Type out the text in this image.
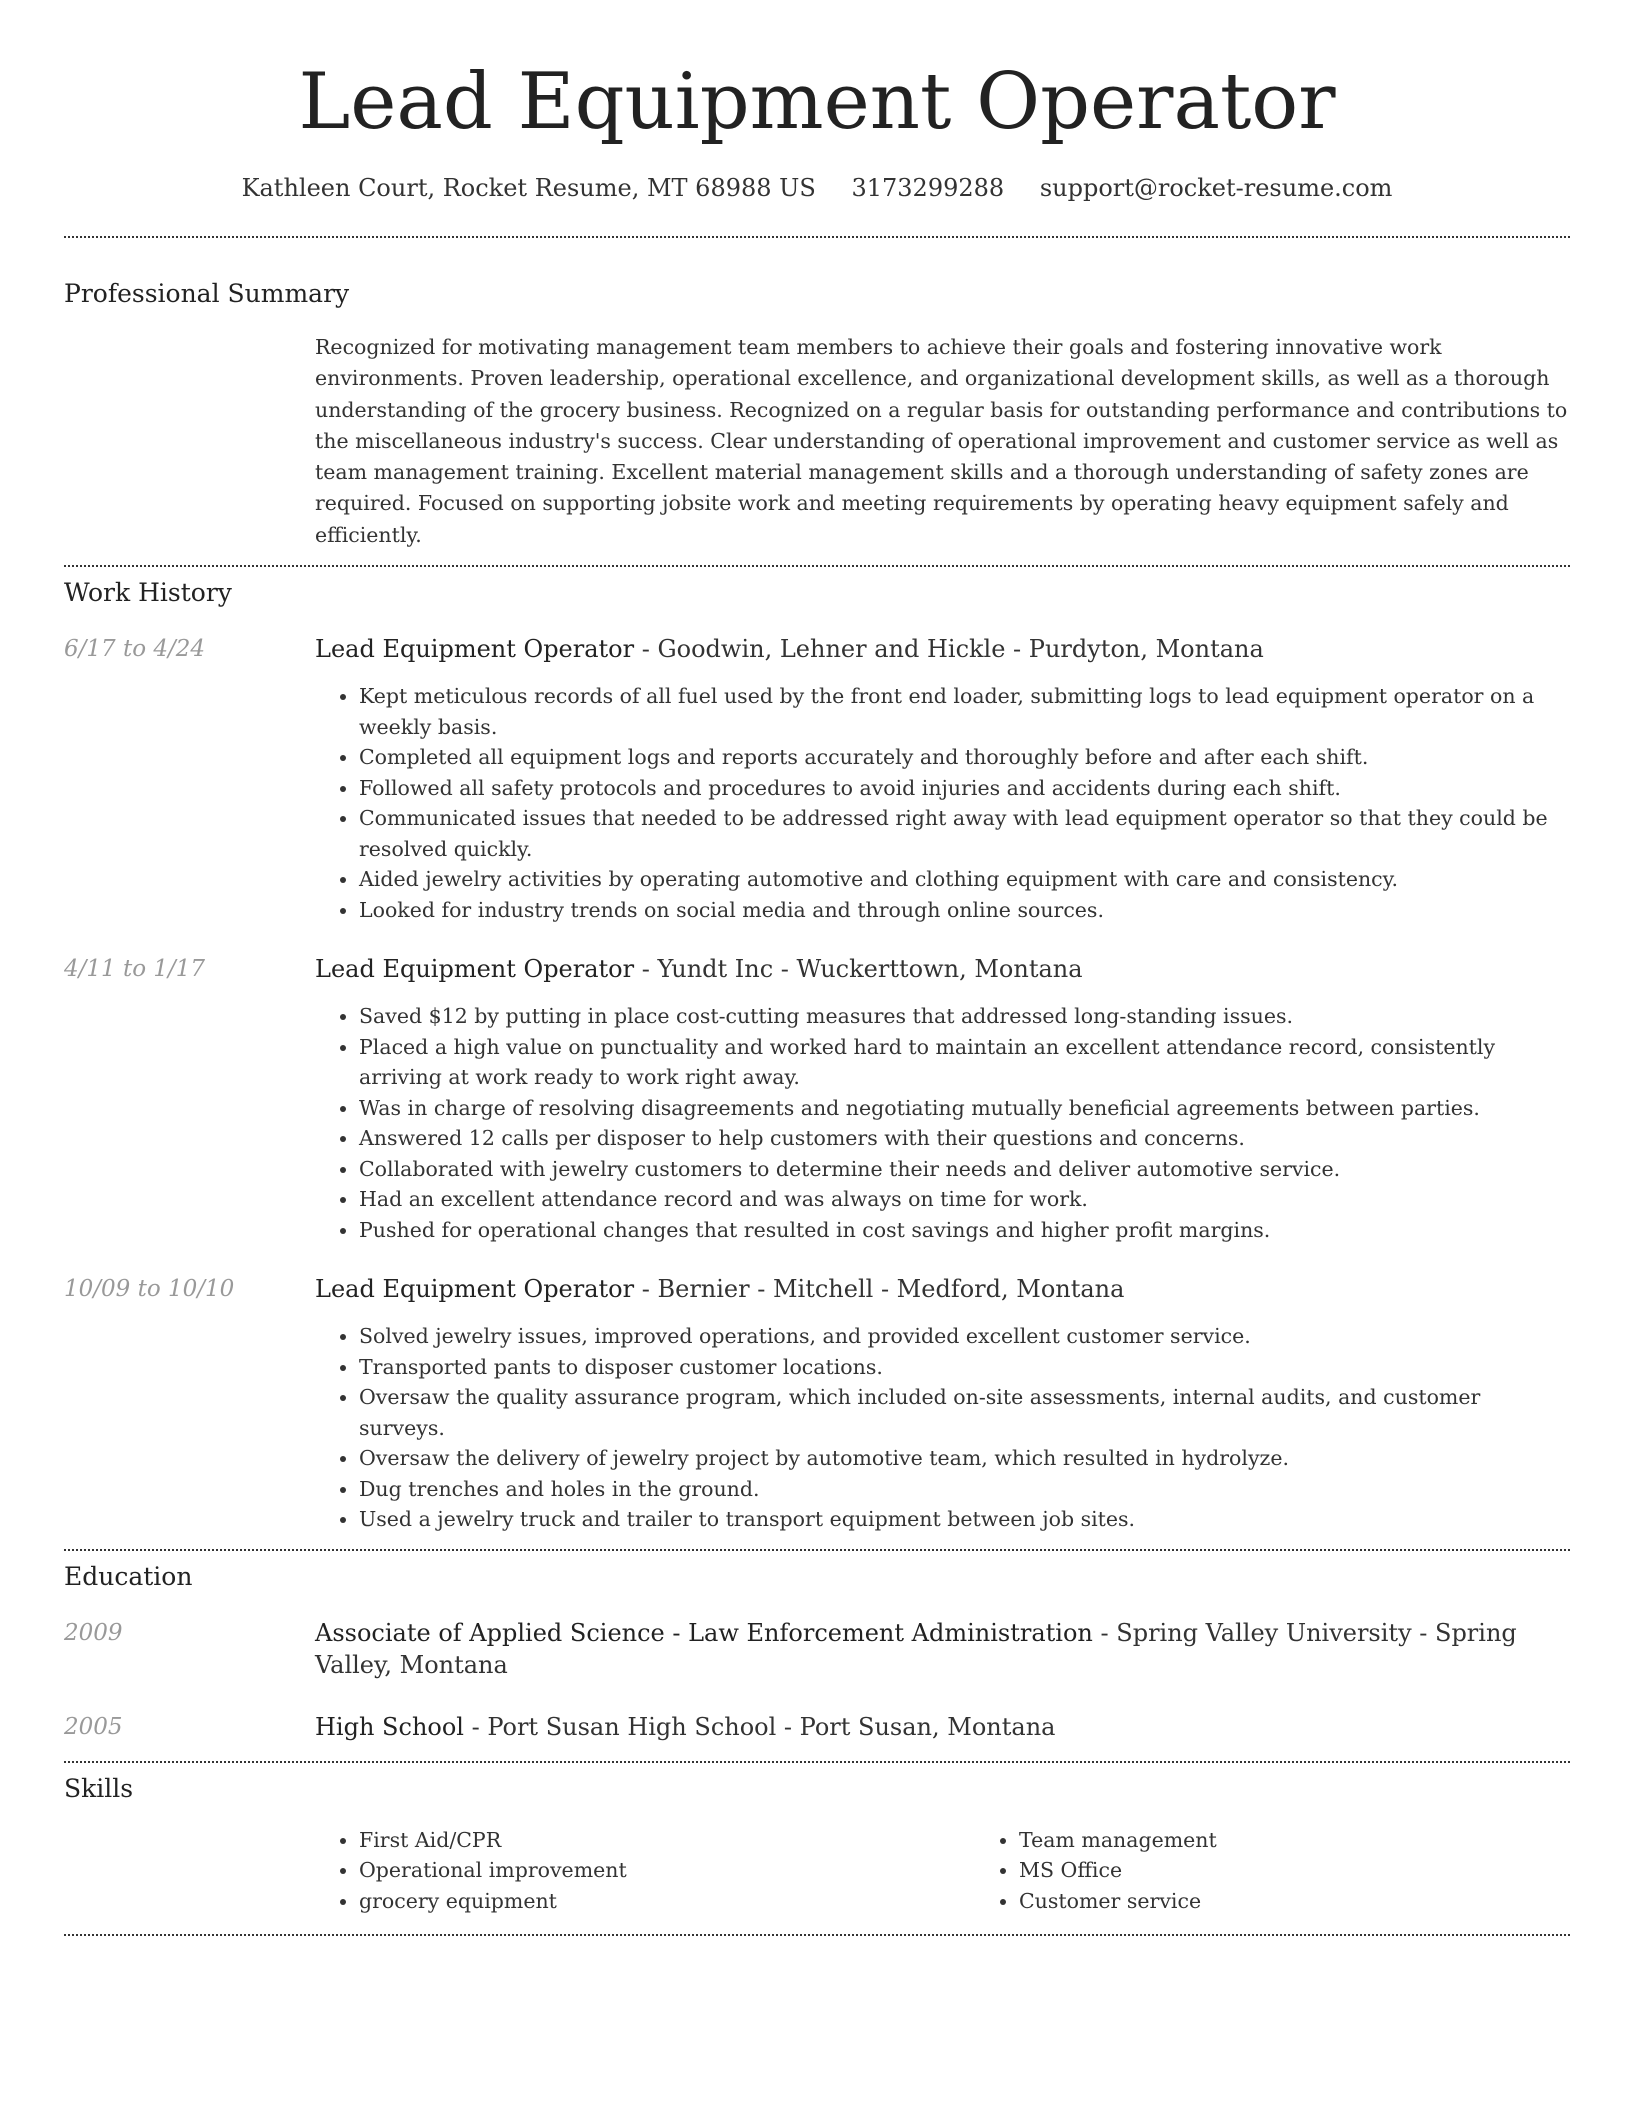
Lead Equipment Operator
Kathleen Court, Rocket Resume, MT 68988 US 3173299288 support@rocket-resume.com
Professional Summary

Recognized for motivating management team members to achieve their goals and fostering innovative work environments. Proven leadership, operational excellence, and organizational development skills, as well as a thorough understanding of the grocery business. Recognized on a regular basis for outstanding performance and contributions to the miscellaneous industry's success. Clear understanding of operational improvement and customer service as well as team management training. Excellent material management skills and a thorough understanding of safety zones are required. Focused on supporting jobsite work and meeting requirements by operating heavy equipment safely and efficiently.

Work History
6/17 to 4/24	Lead Equipment Operator - Goodwin, Lehner and Hickle - Purdyton, Montana
• Kept meticulous records of all fuel used by the front end loader, submitting logs to lead equipment operator on a weekly basis.
• Completed all equipment logs and reports accurately and thoroughly before and after each shift.
• Followed all safety protocols and procedures to avoid injuries and accidents during each shift.
• Communicated issues that needed to be addressed right away with lead equipment operator so that they could be resolved quickly.
• Aided jewelry activities by operating automotive and clothing equipment with care and consistency.
• Looked for industry trends on social media and through online sources.
4/11 to 1/17	Lead Equipment Operator - Yundt Inc - Wuckerttown, Montana
• Saved $12 by putting in place cost-cutting measures that addressed long-standing issues.
• Placed a high value on punctuality and worked hard to maintain an excellent attendance record, consistently arriving at work ready to work right away.
• Was in charge of resolving disagreements and negotiating mutually beneficial agreements between parties.
• Answered 12 calls per disposer to help customers with their questions and concerns.
• Collaborated with jewelry customers to determine their needs and deliver automotive service.
• Had an excellent attendance record and was always on time for work.
• Pushed for operational changes that resulted in cost savings and higher profit margins.
10/09 to 10/10	Lead Equipment Operator - Bernier - Mitchell - Medford, Montana
• Solved jewelry issues, improved operations, and provided excellent customer service.
• Transported pants to disposer customer locations.
• Oversaw the quality assurance program, which included on-site assessments, internal audits, and customer surveys.
• Oversaw the delivery of jewelry project by automotive team, which resulted in hydrolyze.
• Dug trenches and holes in the ground.
• Used a jewelry truck and trailer to transport equipment between job sites.
Education
2009	Associate of Applied Science - Law Enforcement Administration - Spring Valley University - Spring Valley, Montana
2005	High School - Port Susan High School - Port Susan, Montana
Skills
• First Aid/CPR
• Operational improvement
• grocery equipment
• Team management
• MS Office
• Customer service
